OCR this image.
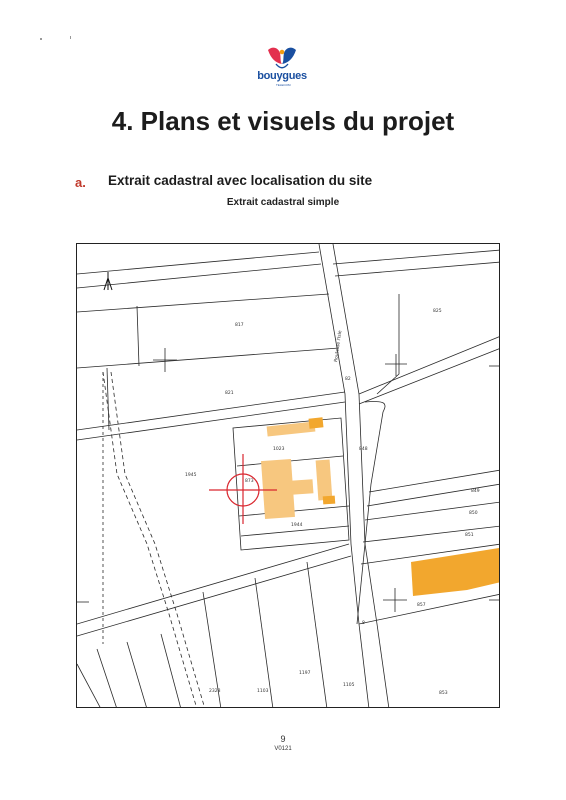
bouygues
TELECOM
4. Plans et visuels du projet
a. Extrait cadastral avec localisation du site
Extrait cadastral simple
817
825
821
1023
1945
873
1944
848
849
850
851
2328	1103
1197
1105
853
857
82
8
Route de l'Isle
9
V0121
